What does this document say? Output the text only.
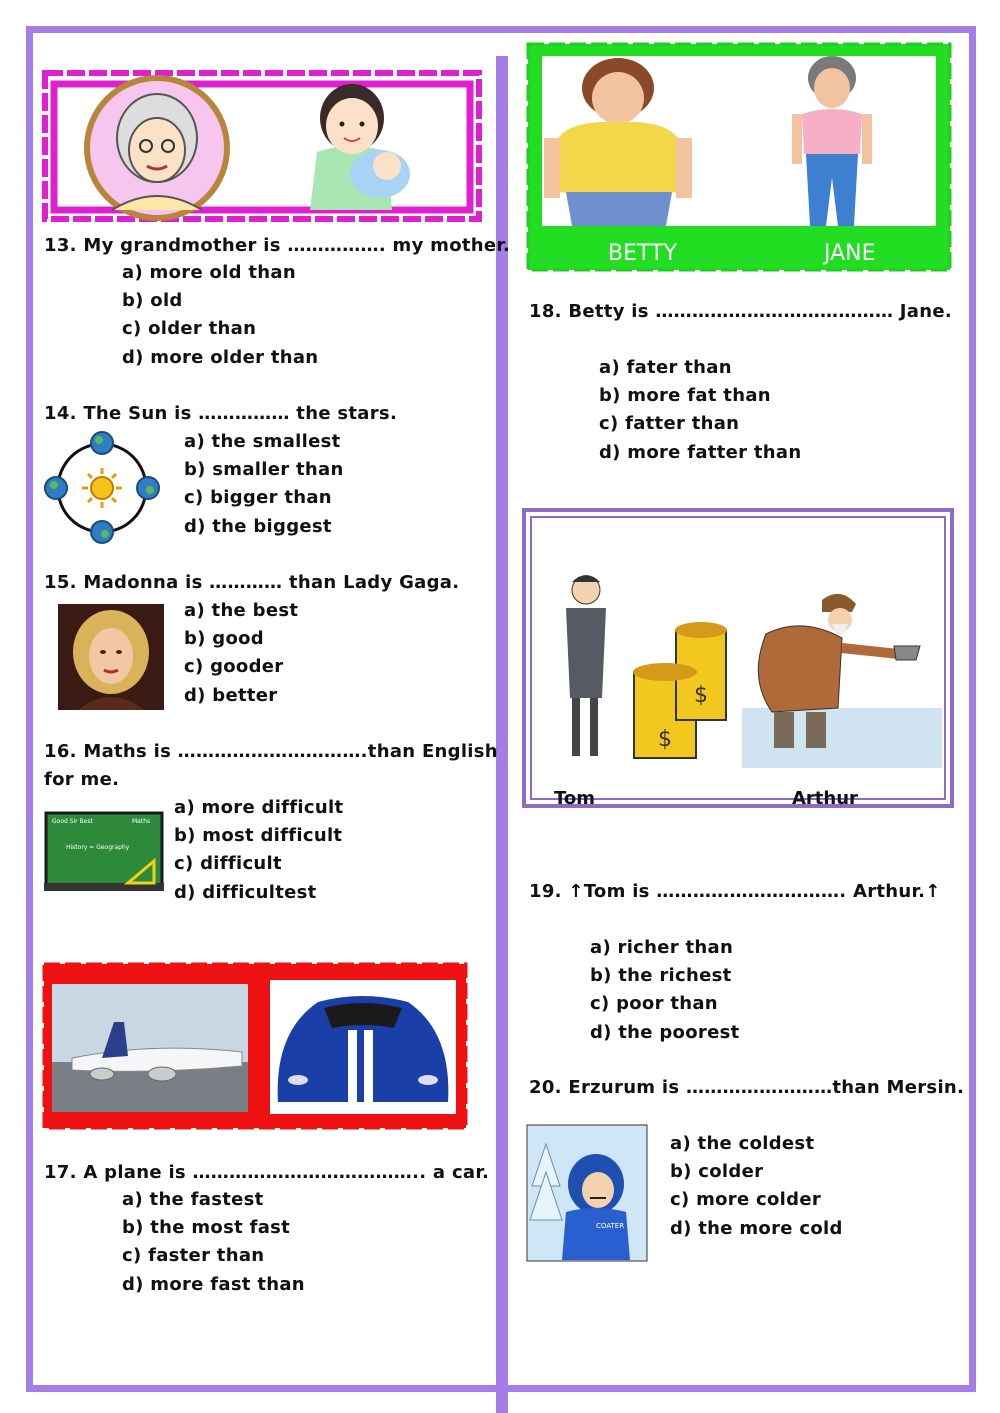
13. My grandmother is ……………. my mother.
a) more old than
b) old
c) older than
d) more older than
14. The Sun is …………… the stars.
a) the smallest
b) smaller than
c) bigger than
d) the biggest
15. Madonna is ………… than Lady Gaga.
a) the best
b) good
c) gooder
d) better
16. Maths is ………………………….than English
for me.
Good Sir Best	Maths
History = Geography
a) more difficult
b) most difficult
c) difficult
d) difficultest
17. A plane is ……………………………….. a car.
a) the fastest
b) the most fast
c) faster than
d) more fast than
BETTY	JANE
18. Betty is ………………………………… Jane.
a) fater than
b) more fat than
c) fatter than
d) more fatter than
$
$
Tom	Arthur
19. ↑Tom is …………………………. Arthur.↑
a) richer than
b) the richest
c) poor than
d) the poorest
20. Erzurum is ……………………than Mersin.
COATER
a) the coldest
b) colder
c) more colder
d) the more cold
